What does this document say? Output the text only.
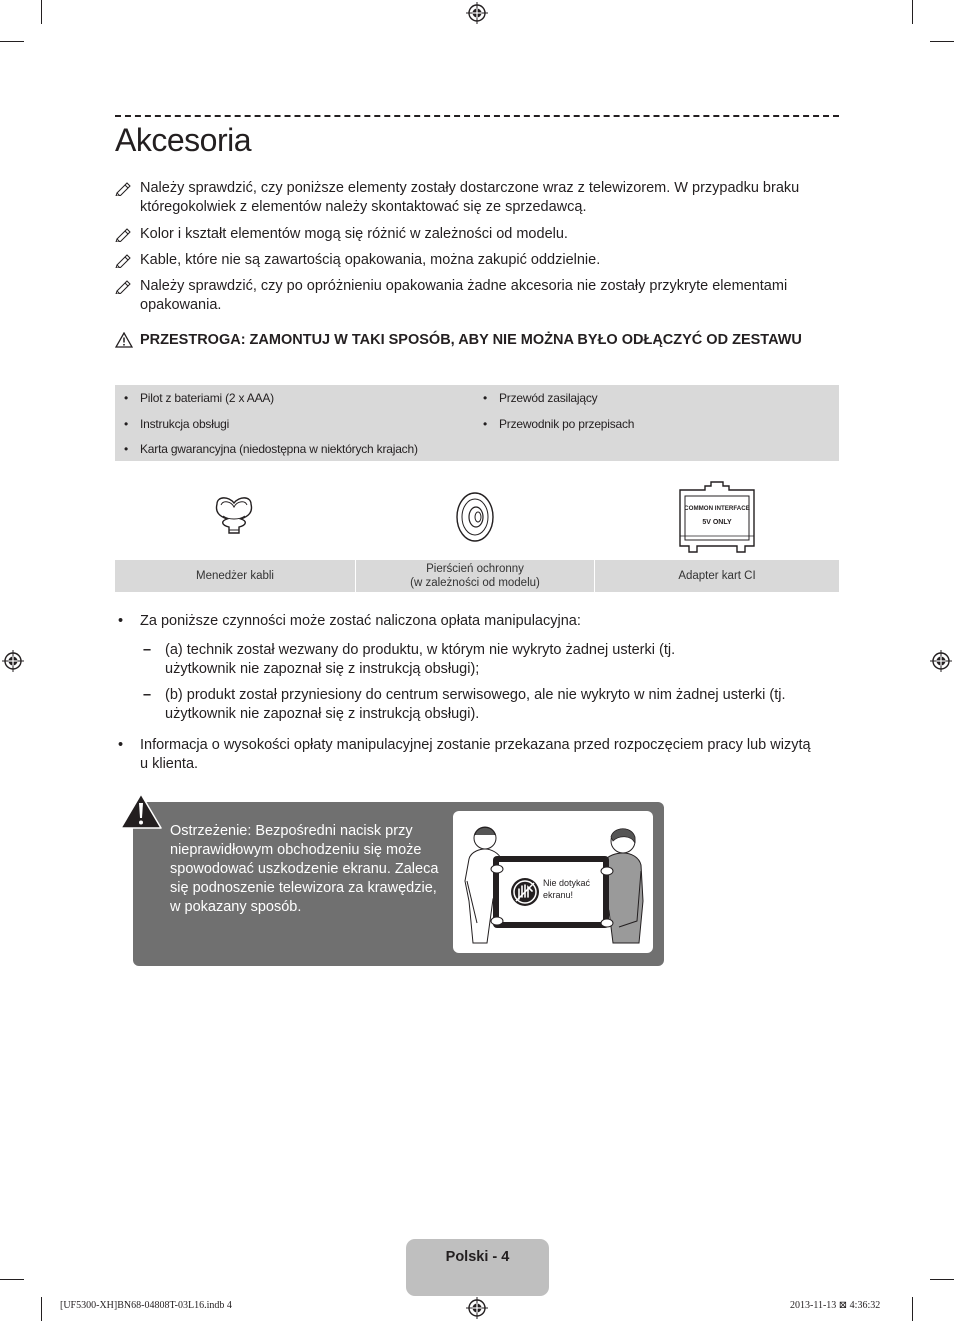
Akcesoria
Należy sprawdzić, czy poniższe elementy zostały dostarczone wraz z telewizorem. W przypadku braku któregokolwiek z elementów należy skontaktować się ze sprzedawcą.
Kolor i kształt elementów mogą się różnić w zależności od modelu.
Kable, które nie są zawartością opakowania, można zakupić oddzielnie.
Należy sprawdzić, czy po opróżnieniu opakowania żadne akcesoria nie zostały przykryte elementami opakowania.
PRZESTROGA: ZAMONTUJ W TAKI SPOSÓB, ABY NIE MOŻNA BYŁO ODŁĄCZYĆ OD ZESTAWU
• Pilot z bateriami (2 x AAA)
• Instrukcja obsługi
• Karta gwarancyjna (niedostępna w niektórych krajach)
• Przewód zasilający
• Przewodnik po przepisach
COMMON INTERFACE
5V ONLY
Menedżer kabli
Pierścień ochronny
(w zależności od modelu)
Adapter kart CI
• Za poniższe czynności może zostać naliczona opłata manipulacyjna:
– (a) technik został wezwany do produktu, w którym nie wykryto żadnej usterki (tj. użytkownik nie zapoznał się z instrukcją obsługi);
– (b) produkt został przyniesiony do centrum serwisowego, ale nie wykryto w nim żadnej usterki (tj. użytkownik nie zapoznał się z instrukcją obsługi).
• Informacja o wysokości opłaty manipulacyjnej zostanie przekazana przed rozpoczęciem pracy lub wizytą u klienta.
Ostrzeżenie: Bezpośredni nacisk przy nieprawidłowym obchodzeniu się może spowodować uszkodzenie ekranu. Zaleca się podnoszenie telewizora za krawędzie, w pokazany sposób.
Nie dotykać
ekranu!
Polski - 4
[UF5300-XH]BN68-04808T-03L16.indb 4	2013-11-13 ⊠ 4:36:32
